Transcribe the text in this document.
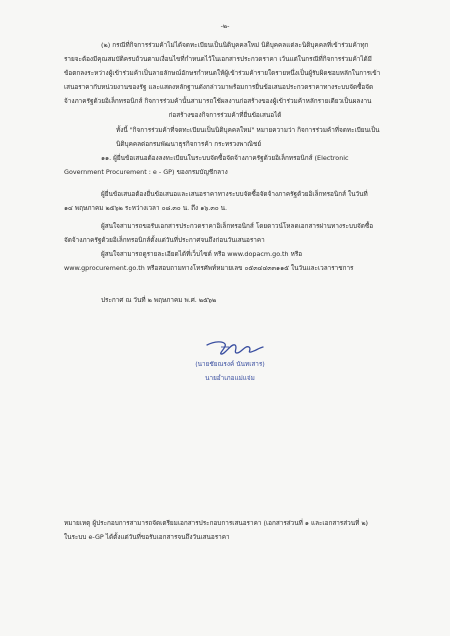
-๒-
(๒) กรณีที่กิจการร่วมค้าไม่ได้จดทะเบียนเป็นนิติบุคคลใหม่ นิติบุคคลแต่ละนิติบุคคลที่เข้าร่วมค้าทุก
รายจะต้องมีคุณสมบัติครบถ้วนตามเงื่อนไขที่กำหนดไว้ในเอกสารประกวดราคา เว้นแต่ในกรณีที่กิจการร่วมค้าได้มี
ข้อตกลงระหว่างผู้เข้าร่วมค้าเป็นลายลักษณ์อักษรกำหนดให้ผู้เข้าร่วมค้ารายใดรายหนึ่งเป็นผู้รับผิดชอบหลักในการเข้า
เสนอราคากับหน่วยงานของรัฐ และแสดงหลักฐานดังกล่าวมาพร้อมการยื่นข้อเสนอประกวดราคาทางระบบจัดซื้อจัด
จ้างภาครัฐด้วยอิเล็กทรอนิกส์ กิจการร่วมค้านั้นสามารถใช้ผลงานก่อสร้างของผู้เข้าร่วมค้าหลักรายเดียวเป็นผลงาน
ก่อสร้างของกิจการร่วมค้าที่ยื่นข้อเสนอได้
ทั้งนี้ "กิจการร่วมค้าที่จดทะเบียนเป็นนิติบุคคลใหม่" หมายความว่า กิจการร่วมค้าที่จดทะเบียนเป็น
นิติบุคคลต่อกรมพัฒนาธุรกิจการค้า กระทรวงพาณิชย์
๑๑. ผู้ยื่นข้อเสนอต้องลงทะเบียนในระบบจัดซื้อจัดจ้างภาครัฐด้วยอิเล็กทรอนิกส์ (Electronic
Government Procurement : e - GP) ของกรมบัญชีกลาง
ผู้ยื่นข้อเสนอต้องยื่นข้อเสนอและเสนอราคาทางระบบจัดซื้อจัดจ้างภาครัฐด้วยอิเล็กทรอนิกส์ ในวันที่
๑๔ พฤษภาคม ๒๕๖๒ ระหว่างเวลา ๐๘.๓๐ น. ถึง ๑๖.๓๐ น.
ผู้สนใจสามารถขอรับเอกสารประกวดราคาอิเล็กทรอนิกส์ โดยดาวน์โหลดเอกสารผ่านทางระบบจัดซื้อ
จัดจ้างภาครัฐด้วยอิเล็กทรอนิกส์ตั้งแต่วันที่ประกาศจนถึงก่อนวันเสนอราคา
ผู้สนใจสามารถดูรายละเอียดได้ที่เว็บไซต์ หรือ www.dopacm.go.th หรือ
www.gprocurement.go.th หรือสอบถามทางโทรศัพท์หมายเลข ๐๕๓๔๔๓๓๑๑๕ ในวันและเวลาราชการ
ประกาศ ณ วันที่ ๒ พฤษภาคม พ.ศ. ๒๕๖๒
(นายชัยณรงค์ นันทเสาร)
นายอำเภอแม่แจ่ม
หมายเหตุ ผู้ประกอบการสามารถจัดเตรียมเอกสารประกอบการเสนอราคา (เอกสารส่วนที่ ๑ และเอกสารส่วนที่ ๒)
ในระบบ e-GP ได้ตั้งแต่วันที่ขอรับเอกสารจนถึงวันเสนอราคา
